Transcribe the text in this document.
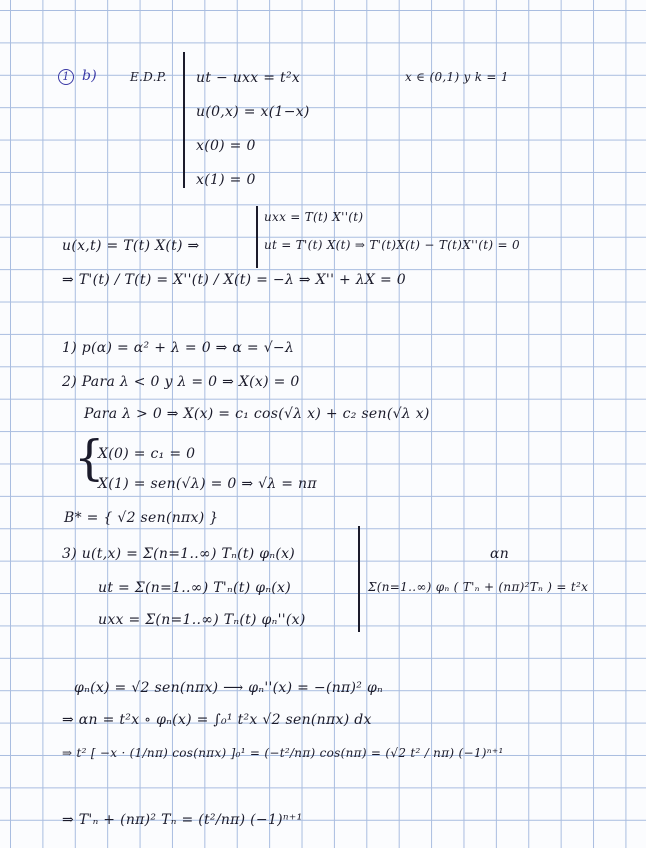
1 b)	E.D.P. ut − uxx = t²x	x ∈ (0,1) y k = 1
u(0,x) = x(1−x)
x(0) = 0
x(1) = 0
uxx = T(t) X''(t)
u(x,t) = T(t) X(t) ⇒	ut = T'(t) X(t) ⇒ T'(t)X(t) − T(t)X''(t) = 0
⇒ T'(t) / T(t) = X''(t) / X(t) = −λ ⇒ X'' + λX = 0
1) p(α) = α² + λ = 0 ⇒ α = √−λ
2) Para λ < 0 y λ = 0 ⇒ X(x) = 0
Para λ > 0 ⇒ X(x) = c₁ cos(√λ x) + c₂ sen(√λ x)
{
X(0) = c₁ = 0
X(1) = sen(√λ) = 0 ⇒ √λ = nπ
B* = { √2 sen(nπx) }
3) u(t,x) = Σ(n=1..∞) Tₙ(t) φₙ(x)
ut = Σ(n=1..∞) T'ₙ(t) φₙ(x)
uxx = Σ(n=1..∞) Tₙ(t) φₙ''(x)
αn
Σ(n=1..∞) φₙ ( T'ₙ + (nπ)²Tₙ ) = t²x
φₙ(x) = √2 sen(nπx) ⟶ φₙ''(x) = −(nπ)² φₙ
⇒ αn = t²x ∘ φₙ(x) = ∫₀¹ t²x √2 sen(nπx) dx
⇒ t² [ −x · (1/nπ) cos(nπx) ]₀¹ = (−t²/nπ) cos(nπ) = (√2 t² / nπ) (−1)ⁿ⁺¹
⇒ T'ₙ + (nπ)² Tₙ = (t²/nπ) (−1)ⁿ⁺¹
